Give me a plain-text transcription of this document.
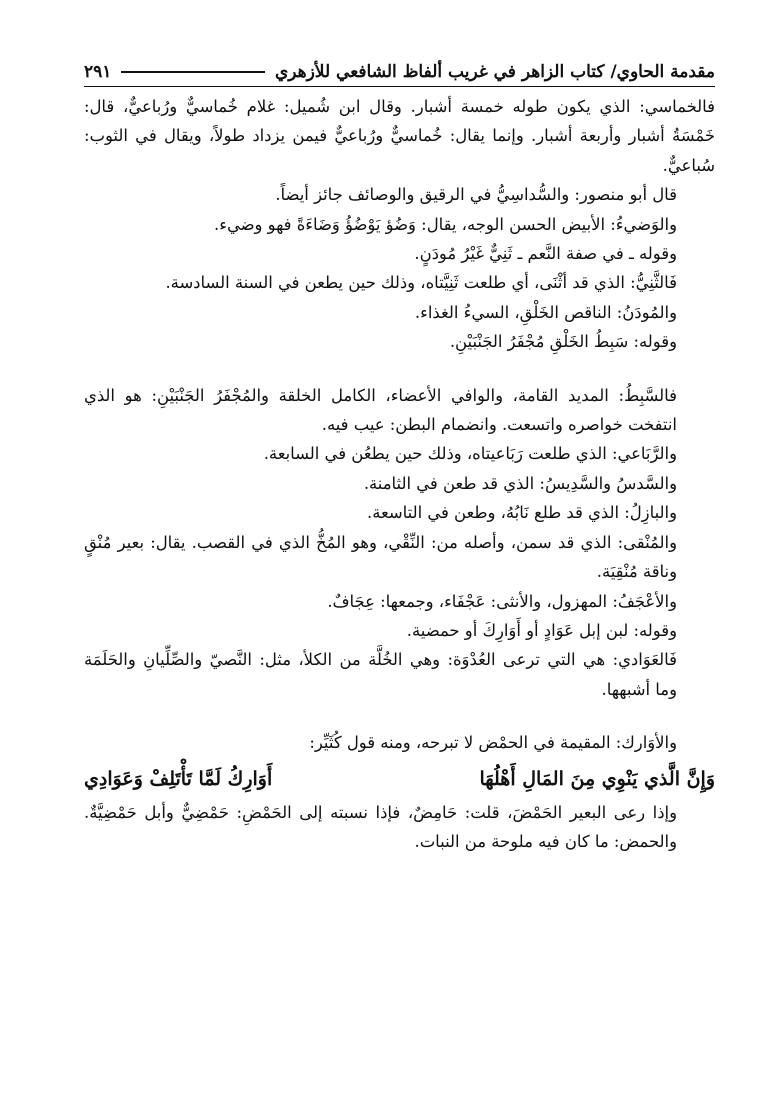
مقدمة الحاوي/ كتاب الزاهر في غريب ألفاظ الشافعي للأزهري
٢٩١

فالخماسي: الذي يكون طوله خمسة أشبار. وقال ابن شُميل: غلام خُماسيٌّ ورُباعيٌّ، قال: خَمْسَةُ أشبار وأربعة أشبار. وإنما يقال: خُماسيٌّ ورُباعيٌّ فيمن يزداد طولاً، ويقال في الثوب: سُباعيٌّ.

قال أبو منصور: والسُّداسِيُّ في الرقيق والوصائف جائز أيضاً.

والوَضيءُ: الأبيض الحسن الوجه، يقال: وَضُؤ يَوْضُؤُ وَضَاءَةً فهو وضيء.

وقوله ـ في صفة النَّعم ـ ثَنِيٌّ غَيْرُ مُودَنٍ.

فَالثَّنِيُّ: الذي قد أثْنَى، أي طلعت ثَنِيَّتاه، وذلك حين يطعن في السنة السادسة.

والمُودَنُ: الناقص الخَلْقِ، السيءُ الغذاء.

وقوله: سَبِطُ الخَلْقِ مُجْفَرُ الجَنْبَيْنِ.

فالسَّبِطُ: المديد القامة، والوافي الأعضاء، الكامل الخلقة والمُجْفَرُ الجَنْبَيْنِ: هو الذي انتفخت خواصره واتسعت. وانضمام البطن: عيب فيه.

والرَّبَاعي: الذي طلعت رَبَاعيتاه، وذلك حين يطعُن في السابعة.

والسَّدسُ والسَّدِيسُ: الذي قد طعن في الثامنة.

والبازِلُ: الذي قد طلع نَابُهُ، وطعن في التاسعة.

والمُنْقى: الذي قد سمن، وأصله من: النِّقْي، وهو المُخُّ الذي في القصب. يقال: بعير مُنْقٍ وناقة مُنْقِيَة.

والأعْجَفُ: المهزول، والأنثى: عَجْفَاء، وجمعها: عِجَافٌ.

وقوله: لبن إبل عَوَادٍ أو أَوَارِكَ أو حمضية.

فَالعَوَادي: هي التي ترعى العُدْوَة: وهي الخُلَّة من الكلأ، مثل: النَّصيّ والصِّلِّيانِ والحَلَمَة وما أشبهها.

والأوَارك: المقيمة في الحمْض لا تبرحه، ومنه قول كُثَيِّر:

وَإِنَّ الَّذي يَنْوِي مِنَ المَالِ أَهْلُهَا
أَوَارِكُ لَمَّا تَأْتَلِفْ وَعَوَادِي

وإذا رعى البعير الحَمْضَ، قلت: حَامِضٌ، فإذا نسبته إلى الحَمْضِ: حَمْضِيٌّ وأبل حَمْضِيَّةٌ. والحمض: ما كان فيه ملوحة من النبات.
